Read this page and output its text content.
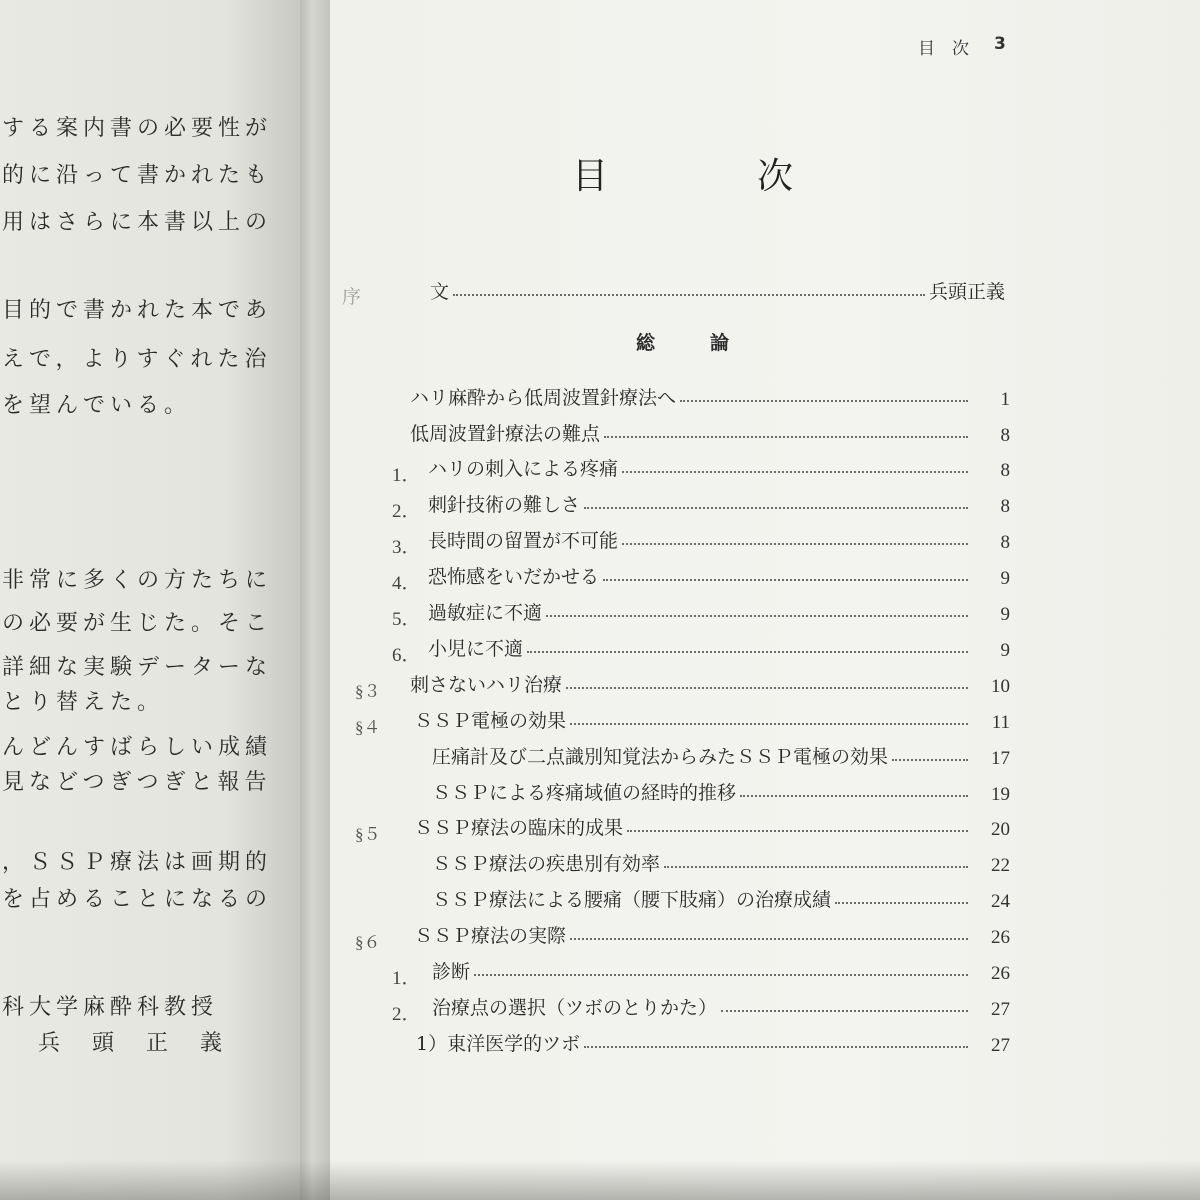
する案内書の必要性が
的に沿って書かれたも
用はさらに本書以上の
目的で書かれた本であ
えで，よりすぐれた治
を望んでいる。
非常に多くの方たちに
の必要が生じた。そこ
詳細な実験データーな
とり替えた。
んどんすばらしい成績
見などつぎつぎと報告
，ＳＳＰ療法は画期的
を占めることになるの
科大学麻酔科教授
兵　頭　正　義
目　次 3
目	次
序	文	兵頭正義
総	論
ハリ麻酔から低周波置針療法へ	1
低周波置針療法の難点	8
1． ハリの刺入による疼痛	8
2． 刺針技術の難しさ	8
3． 長時間の留置が不可能	8
4． 恐怖感をいだかせる	9
5． 過敏症に不適	9
6． 小児に不適	9
§３ 刺さないハリ治療	10
§４ ＳＳＰ電極の効果	11
圧痛計及び二点識別知覚法からみたＳＳＰ電極の効果	17
ＳＳＰによる疼痛域値の経時的推移	19
§５ ＳＳＰ療法の臨床的成果	20
ＳＳＰ療法の疾患別有効率	22
ＳＳＰ療法による腰痛（腰下肢痛）の治療成績	24
§６ ＳＳＰ療法の実際	26
1． 診断	26
2． 治療点の選択（ツボのとりかた）	27
1）東洋医学的ツボ	27
